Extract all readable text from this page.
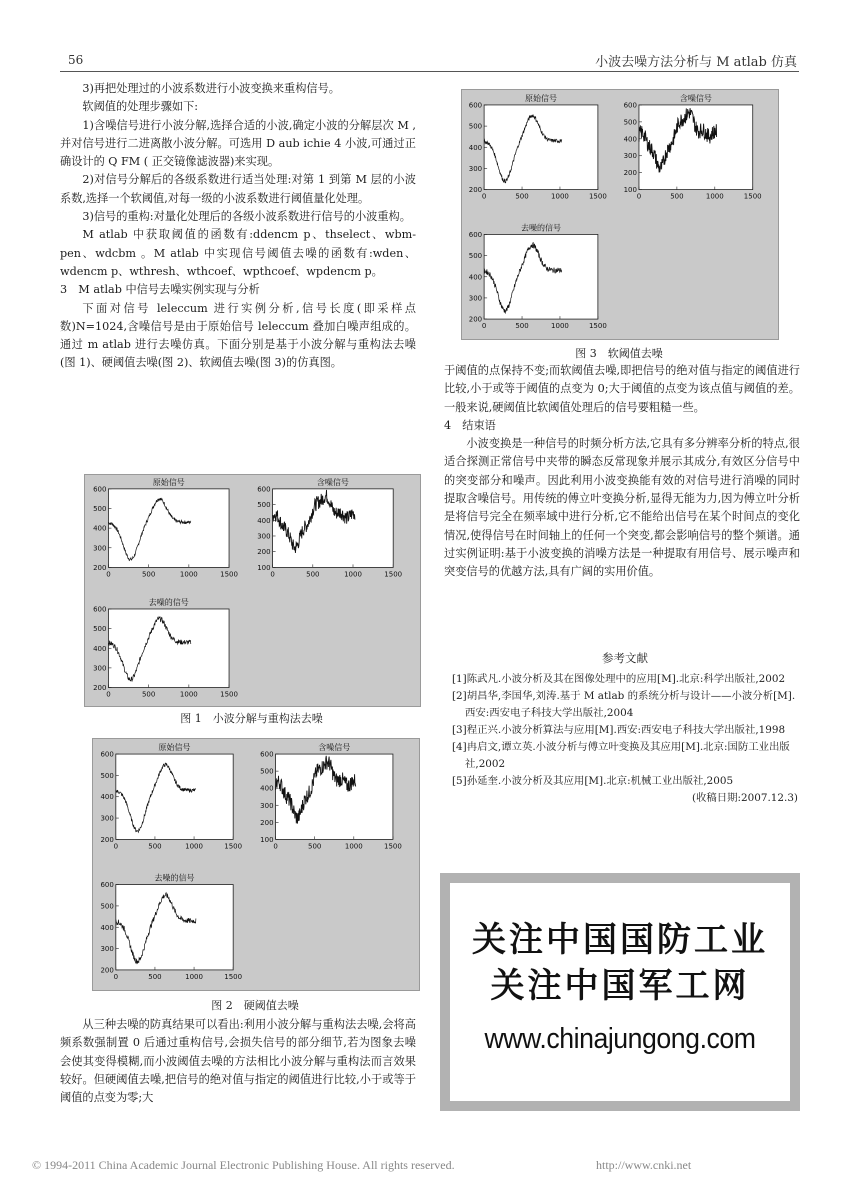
56	小波去噪方法分析与 M atlab 仿真

3)再把处理过的小波系数进行小波变换来重构信号。

软阈值的处理步骤如下:

1)含噪信号进行小波分解,选择合适的小波,确定小波的分解层次 M ,并对信号进行二进离散小波分解。可选用 D aub ichie 4 小波,可通过正确设计的 Q FM ( 正交镜像滤波器)来实现。

2)对信号分解后的各级系数进行适当处理:对第 1 到第 M 层的小波系数,选择一个软阈值,对每一级的小波系数进行阈值量化处理。

3)信号的重构:对量化处理后的各级小波系数进行信号的小波重构。

M atlab 中获取阈值的函数有:ddencm p、thselect、wbm-pen、wdcbm 。M atlab 中实现信号阈值去噪的函数有:wden、wdencm p、wthresh、wthcoef、wpthcoef、wpdencm p。

3　M atlab 中信号去噪实例实现与分析

下面对信号 leleccum 进行实例分析,信号长度(即采样点数)N=1024,含噪信号是由于原始信号 leleccum 叠加白噪声组成的。通过 m atlab 进行去噪仿真。下面分别是基于小波分解与重构法去噪(图 1)、硬阈值去噪(图 2)、软阈值去噪(图 3)的仿真图。

原始信号
200
300
400
500
600
0	500	1000	1500
含噪信号
100
200
300
400
500
600
0	500	1000	1500
去噪的信号
200
300
400
500
600
0	500	1000	1500
图 1　小波分解与重构法去噪
原始信号
200
300
400
500
600
0	500	1000	1500
含噪信号
100
200
300
400
500
600
0	500	1000	1500
去噪的信号
200
300
400
500
600
0	500	1000	1500
图 2　硬阈值去噪

从三种去噪的防真结果可以看出:利用小波分解与重构法去噪,会将高频系数强制置 0 后通过重构信号,会损失信号的部分细节,若为图象去噪会使其变得模糊,而小波阈值去噪的方法相比小波分解与重构法而言效果较好。但硬阈值去噪,把信号的绝对值与指定的阈值进行比较,小于或等于阈值的点变为零;大

原始信号
200
300
400
500
600
0	500	1000	1500
含噪信号
100
200
300
400
500
600
0	500	1000	1500
去噪的信号
200
300
400
500
600
0	500	1000	1500
图 3　软阈值去噪

于阈值的点保持不变;而软阈值去噪,即把信号的绝对值与指定的阈值进行比较,小于或等于阈值的点变为 0;大于阈值的点变为该点值与阈值的差。一般来说,硬阈值比软阈值处理后的信号要粗糙一些。

4　结束语

小波变换是一种信号的时频分析方法,它具有多分辨率分析的特点,很适合探测正常信号中夹带的瞬态反常现象并展示其成分,有效区分信号中的突变部分和噪声。因此利用小波变换能有效的对信号进行消噪的同时提取含噪信号。用传统的傅立叶变换分析,显得无能为力,因为傅立叶分析是将信号完全在频率域中进行分析,它不能给出信号在某个时间点的变化情况,使得信号在时间轴上的任何一个突变,都会影响信号的整个频谱。通过实例证明:基于小波变换的消噪方法是一种提取有用信号、展示噪声和突变信号的优越方法,具有广阔的实用价值。

参考文献
[1]陈武凡.小波分析及其在图像处理中的应用[M].北京:科学出版社,2002
[2]胡昌华,李国华,刘涛.基于 M atlab 的系统分析与设计——小波分析[M].西安:西安电子科技大学出版社,2004
[3]程正兴.小波分析算法与应用[M].西安:西安电子科技大学出版社,1998
[4]冉启文,谭立英.小波分析与傅立叶变换及其应用[M].北京:国防工业出版社,2002
[5]孙延奎.小波分析及其应用[M].北京:机械工业出版社,2005
(收稿日期:2007.12.3)
关注中国国防工业
关注中国军工网
www.chinajungong.com
© 1994-2011 China Academic Journal Electronic Publishing House. All rights reserved.	http://www.cnki.net
